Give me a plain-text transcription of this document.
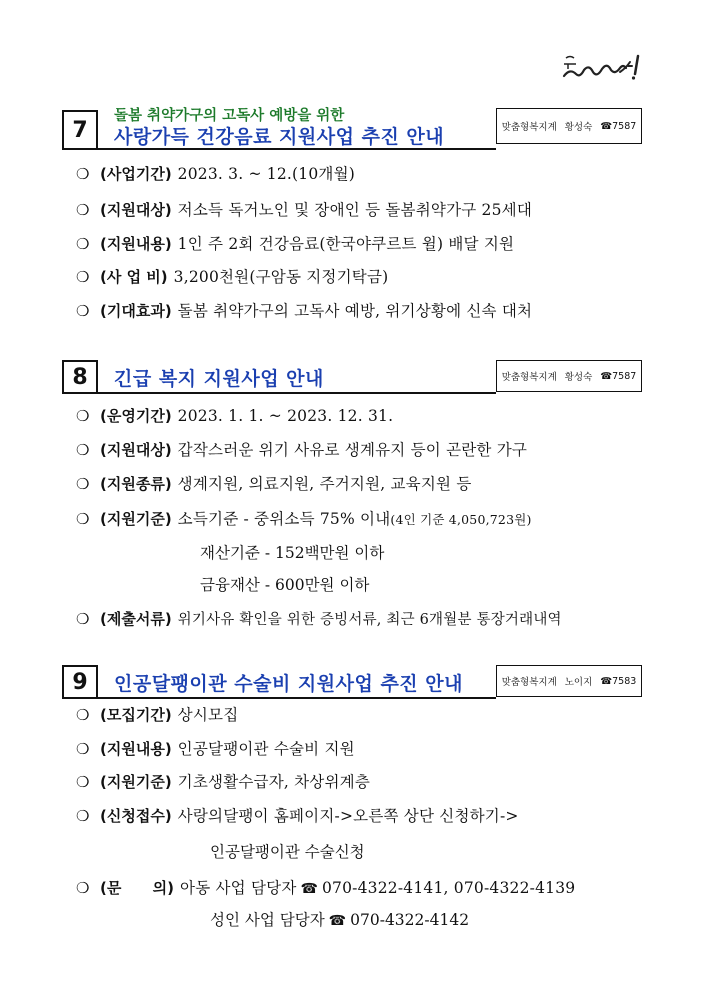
7
돌봄 취약가구의 고독사 예방을 위한
사랑가득 건강음료 지원사업 추진 안내	맞춤형복지계 황성숙 ☎7587
❍ (사업기간) 2023. 3. ~ 12.(10개월)
❍ (지원대상) 저소득 독거노인 및 장애인 등 돌봄취약가구 25세대
❍ (지원내용) 1인 주 2회 건강음료(한국야쿠르트 윌) 배달 지원
❍ (사 업 비) 3,200천원(구암동 지정기탁금)
❍ (기대효과) 돌봄 취약가구의 고독사 예방, 위기상황에 신속 대처
8	긴급 복지 지원사업 안내	맞춤형복지계 황성숙 ☎7587
❍ (운영기간) 2023. 1. 1. ~ 2023. 12. 31.
❍ (지원대상) 갑작스러운 위기 사유로 생계유지 등이 곤란한 가구
❍ (지원종류) 생계지원, 의료지원, 주거지원, 교육지원 등
❍ (지원기준) 소득기준 - 중위소득 75% 이내 (4인 기준 4,050,723원)
재산기준 - 152백만원 이하
금융재산 - 600만원 이하
❍ (제출서류) 위기사유 확인을 위한 증빙서류, 최근 6개월분 통장거래내역
9	인공달팽이관 수술비 지원사업 추진 안내	맞춤형복지계 노이지 ☎7583
❍ (모집기간) 상시모집
❍ (지원내용) 인공달팽이관 수술비 지원
❍ (지원기준) 기초생활수급자, 차상위계층
❍ (신청접수) 사랑의달팽이 홈페이지->오른쪽 상단 신청하기->
인공달팽이관 수술신청
❍ (문      의) 아동 사업 담당자 ☎ 070-4322-4141, 070-4322-4139
성인 사업 담당자 ☎ 070-4322-4142
